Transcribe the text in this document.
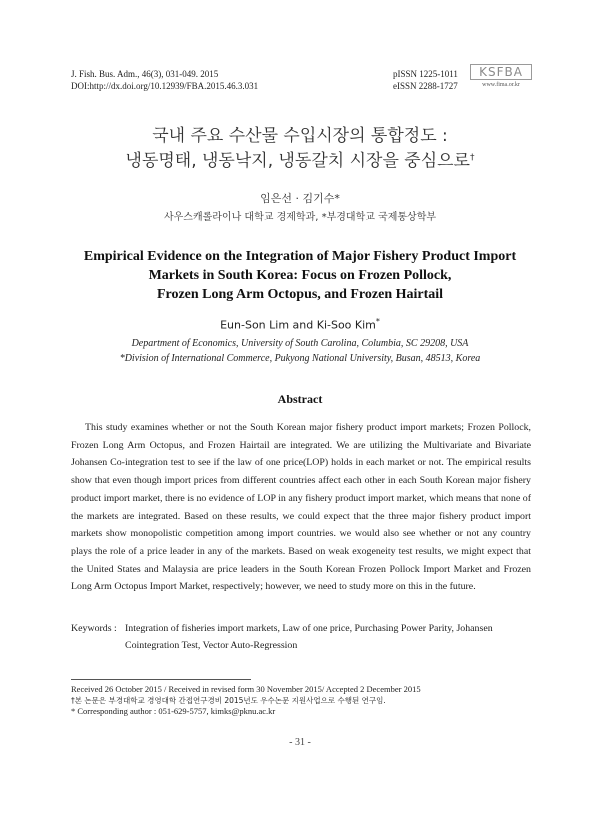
J. Fish. Bus. Adm., 46(3), 031-049. 2015
DOI:http://dx.doi.org/10.12939/FBA.2015.46.3.031
pISSN 1225-1011
eISSN 2288-1727
KSFBA
www.fima.or.kr
국내 주요 수산물 수입시장의 통합정도 :
냉동명태, 냉동낙지, 냉동갈치 시장을 중심으로†
임은선 · 김기수*
사우스캐롤라이나 대학교 경제학과, *부경대학교 국제통상학부
Empirical Evidence on the Integration of Major Fishery Product Import
Markets in South Korea: Focus on Frozen Pollock,
Frozen Long Arm Octopus, and Frozen Hairtail
Eun-Son Lim and Ki-Soo Kim*
Department of Economics, University of South Carolina, Columbia, SC 29208, USA
*Division of International Commerce, Pukyong National University, Busan, 48513, Korea
Abstract

This study examines whether or not the South Korean major fishery product import markets; Frozen Pollock, Frozen Long Arm Octopus, and Frozen Hairtail are integrated. We are utilizing the Multivariate and Bivariate Johansen Co-integration test to see if the law of one price(LOP) holds in each market or not. The empirical results show that even though import prices from different countries affect each other in each South Korean major fishery product import market, there is no evidence of LOP in any fishery product import market, which means that none of the markets are integrated. Based on these results, we could expect that the three major fishery product import markets show monopolistic competition among import countries. we would also see whether or not any country plays the role of a price leader in any of the markets. Based on weak exogeneity test results, we might expect that the United States and Malaysia are price leaders in the South Korean Frozen Pollock Import Market and Frozen Long Arm Octopus Import Market, respectively; however, we need to study more on this in the future.

Keywords : Integration of fisheries import markets, Law of one price, Purchasing Power Parity, Johansen Cointegration Test, Vector Auto-Regression
Received 26 October 2015 / Received in revised form 30 November 2015/ Accepted 2 December 2015
†본 논문은 부경대학교 경영대학 간접연구경비 2015년도 우수논문 지원사업으로 수행된 연구임.
* Corresponding author : 051-629-5757, kimks@pknu.ac.kr
- 31 -
